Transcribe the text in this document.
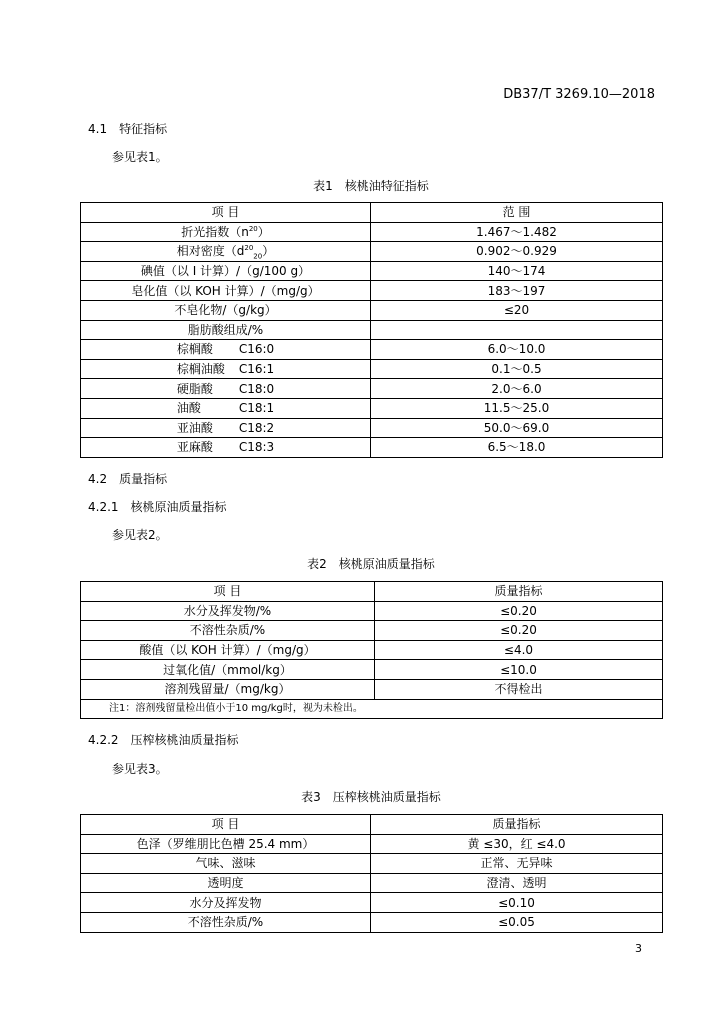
DB37/T 3269.10—2018
4.1　特征指标
参见表1。
表1　核桃油特征指标
项 目	范 围
折光指数$(n^{20})$	1.467～1.482
相对密度$(d^{20}_{20})$	0.902～0.929
碘值（以 I 计算）/（g/100 g）	140～174
皂化值（以 KOH 计算）/（mg/g）	183～197
不皂化物/（g/kg）	≤20
脂肪酸组成/%	
棕榈酸 C16:0	6.0～10.0
棕榈油酸 C16:1	0.1～0.5
硬脂酸 C18:0	2.0～6.0
油酸 C18:1	11.5～25.0
亚油酸 C18:2	50.0～69.0
亚麻酸 C18:3	6.5～18.0
4.2　质量指标
4.2.1　核桃原油质量指标
参见表2。
表2　核桃原油质量指标
项 目	质量指标
水分及挥发物/%	≤0.20
不溶性杂质/%	≤0.20
酸值（以 KOH 计算）/（mg/g）	≤4.0
过氧化值/（mmol/kg）	≤10.0
溶剂残留量/（mg/kg）	不得检出
注1：溶剂残留量检出值小于10 mg/kg时，视为未检出。	
4.2.2　压榨核桃油质量指标
参见表3。
表3　压榨核桃油质量指标
项 目	质量指标
色泽（罗维朋比色槽 25.4 mm）	黄 ≤30，红 ≤4.0
气味、滋味	正常、无异味
透明度	澄清、透明
水分及挥发物	≤0.10
不溶性杂质/%	≤0.05
3
